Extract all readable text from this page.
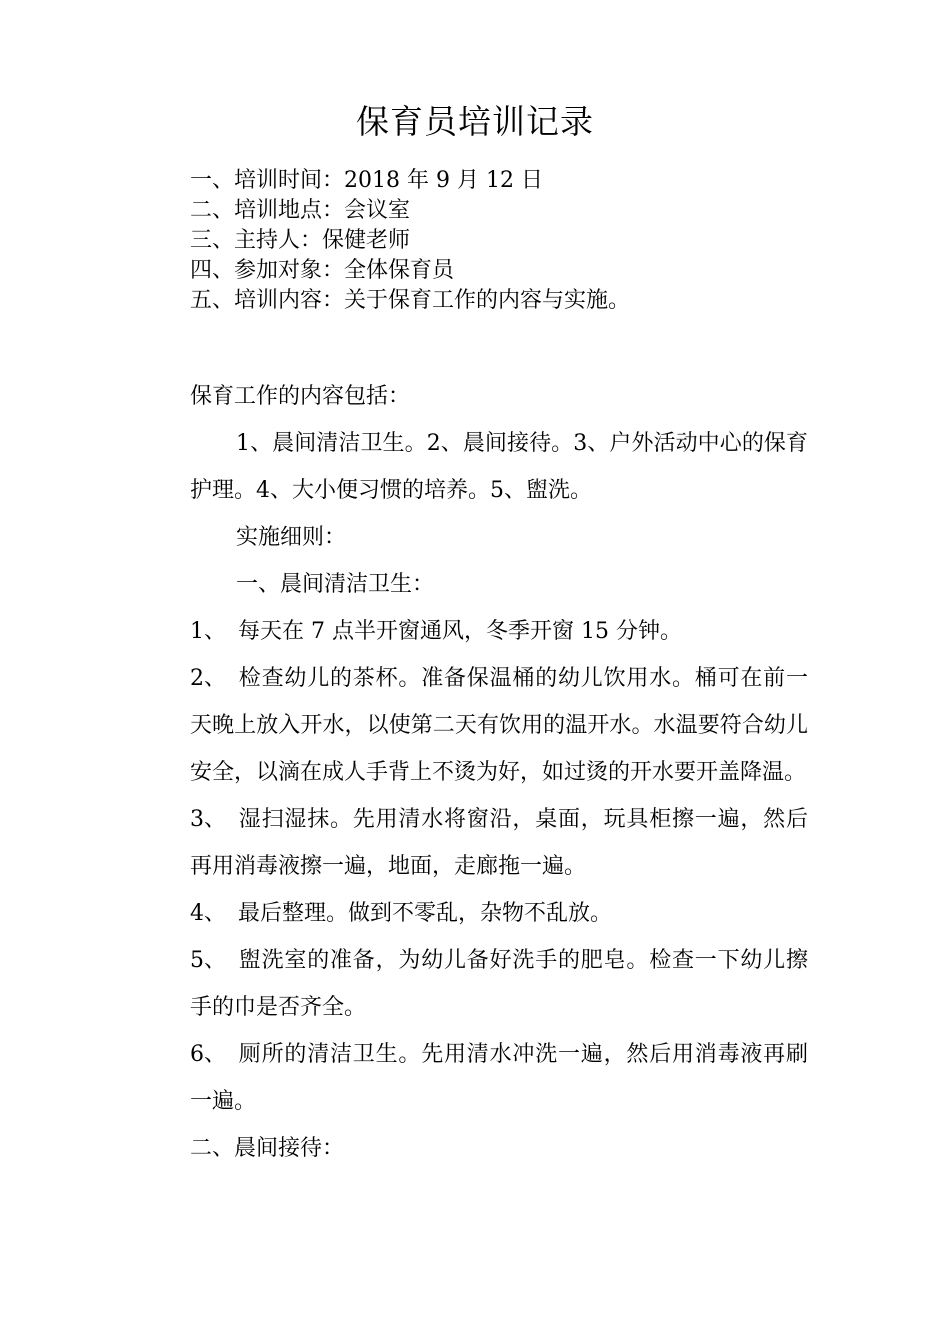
保育员培训记录
一、培训时间：2018 年 9 月 12 日
二、培训地点：会议室
三、主持人：保健老师
四、参加对象：全体保育员
五、培训内容：关于保育工作的内容与实施。

保育工作的内容包括：

1、晨间清洁卫生。2、晨间接待。3、户外活动中心的保育护理。4、大小便习惯的培养。5、盥洗。

实施细则：

一、晨间清洁卫生：

1、 每天在 7 点半开窗通风，冬季开窗 15 分钟。

2、 检查幼儿的茶杯。准备保温桶的幼儿饮用水。桶可在前一天晚上放入开水，以使第二天有饮用的温开水。水温要符合幼儿安全，以滴在成人手背上不烫为好，如过烫的开水要开盖降温。

3、 湿扫湿抹。先用清水将窗沿，桌面，玩具柜擦一遍，然后再用消毒液擦一遍，地面，走廊拖一遍。

4、 最后整理。做到不零乱，杂物不乱放。

5、 盥洗室的准备，为幼儿备好洗手的肥皂。检查一下幼儿擦手的巾是否齐全。

6、 厕所的清洁卫生。先用清水冲洗一遍，然后用消毒液再刷一遍。

二、晨间接待：
